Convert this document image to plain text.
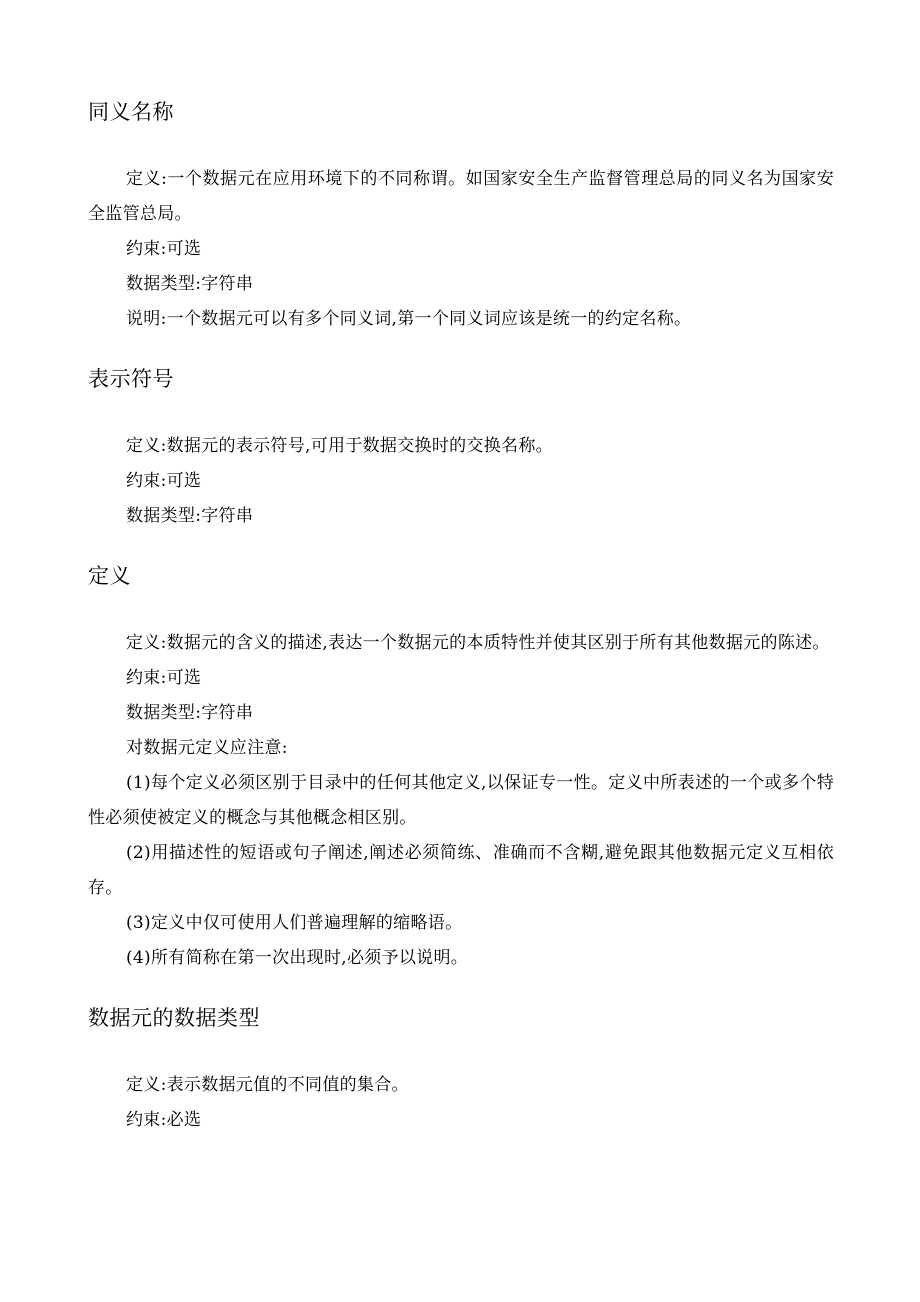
同义名称

定义:一个数据元在应用环境下的不同称谓。如国家安全生产监督管理总局的同义名为国家安全监管总局。

约束:可选

数据类型:字符串

说明:一个数据元可以有多个同义词,第一个同义词应该是统一的约定名称。

表示符号

定义:数据元的表示符号,可用于数据交换时的交换名称。

约束:可选

数据类型:字符串

定义

定义:数据元的含义的描述,表达一个数据元的本质特性并使其区别于所有其他数据元的陈述。

约束:可选

数据类型:字符串

对数据元定义应注意:

(1)每个定义必须区别于目录中的任何其他定义,以保证专一性。定义中所表述的一个或多个特性必须使被定义的概念与其他概念相区别。

(2)用描述性的短语或句子阐述,阐述必须简练、准确而不含糊,避免跟其他数据元定义互相依存。

(3)定义中仅可使用人们普遍理解的缩略语。

(4)所有简称在第一次出现时,必须予以说明。

数据元的数据类型

定义:表示数据元值的不同值的集合。

约束:必选
